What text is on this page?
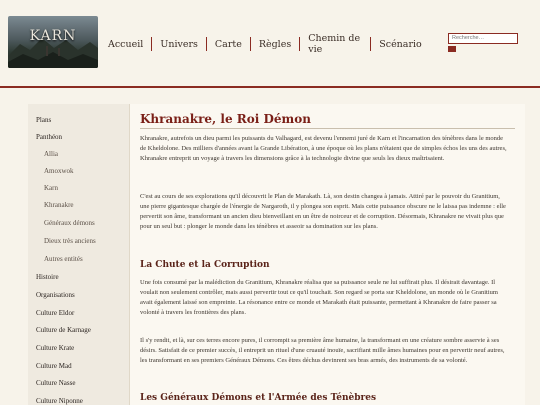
KARN	Accueil	Univers	Carte	Règles	Chemin de vie	Scénario
Recherche…
Plans
Panthéon
Allia
Amoxwok
Karn
Khranakre
Généraux démons
Dieux très anciens
Autres entités
Histoire
Organisations
Culture Eldor
Culture de Karnage
Culture Krate
Culture Mad
Culture Nasse
Culture Niponne
Khranakre, le Roi Démon

Khranakre, autrefois un dieu parmi les puissants du Valhagard, est devenu l'ennemi juré de Karn et l'incarnation des ténèbres dans le monde de Kheldolone. Des milliers d'années avant la Grande Libération, à une époque où les plans n'étaient que de simples échos les uns des autres, Khranakre entreprit un voyage à travers les dimensions grâce à la technologie divine que seuls les dieux maîtrisaient.

C'est au cours de ses explorations qu'il découvrit le Plan de Marakath. Là, son destin changea à jamais. Attiré par le pouvoir du Granitium, une pierre gigantesque chargée de l'énergie de Nargaroth, il y plongea son esprit. Mais cette puissance obscure ne le laissa pas indemne : elle pervertit son âme, transformant un ancien dieu bienveillant en un être de noirceur et de corruption. Désormais, Khranakre ne vivait plus que pour un seul but : plonger le monde dans les ténèbres et asseoir sa domination sur les plans.

La Chute et la Corruption

Une fois consumé par la malédiction du Granitium, Khranakre réalisa que sa puissance seule ne lui suffirait plus. Il désirait davantage. Il voulait non seulement contrôler, mais aussi pervertir tout ce qu'il touchait. Son regard se porta sur Kheldolone, un monde où le Granitium avait également laissé son empreinte. La résonance entre ce monde et Marakath était puissante, permettant à Khranakre de faire passer sa volonté à travers les frontières des plans.

Il s'y rendit, et là, sur ces terres encore pures, il corrompit sa première âme humaine, la transformant en une créature sombre asservie à ses désirs. Satisfait de ce premier succès, il entreprit un rituel d'une cruauté inouïe, sacrifiant mille âmes humaines pour en pervertir neuf autres, les transformant en ses premiers Généraux Démons. Ces êtres déchus devinrent ses bras armés, des instruments de sa volonté.

Les Généraux Démons et l'Armée des Ténèbres
